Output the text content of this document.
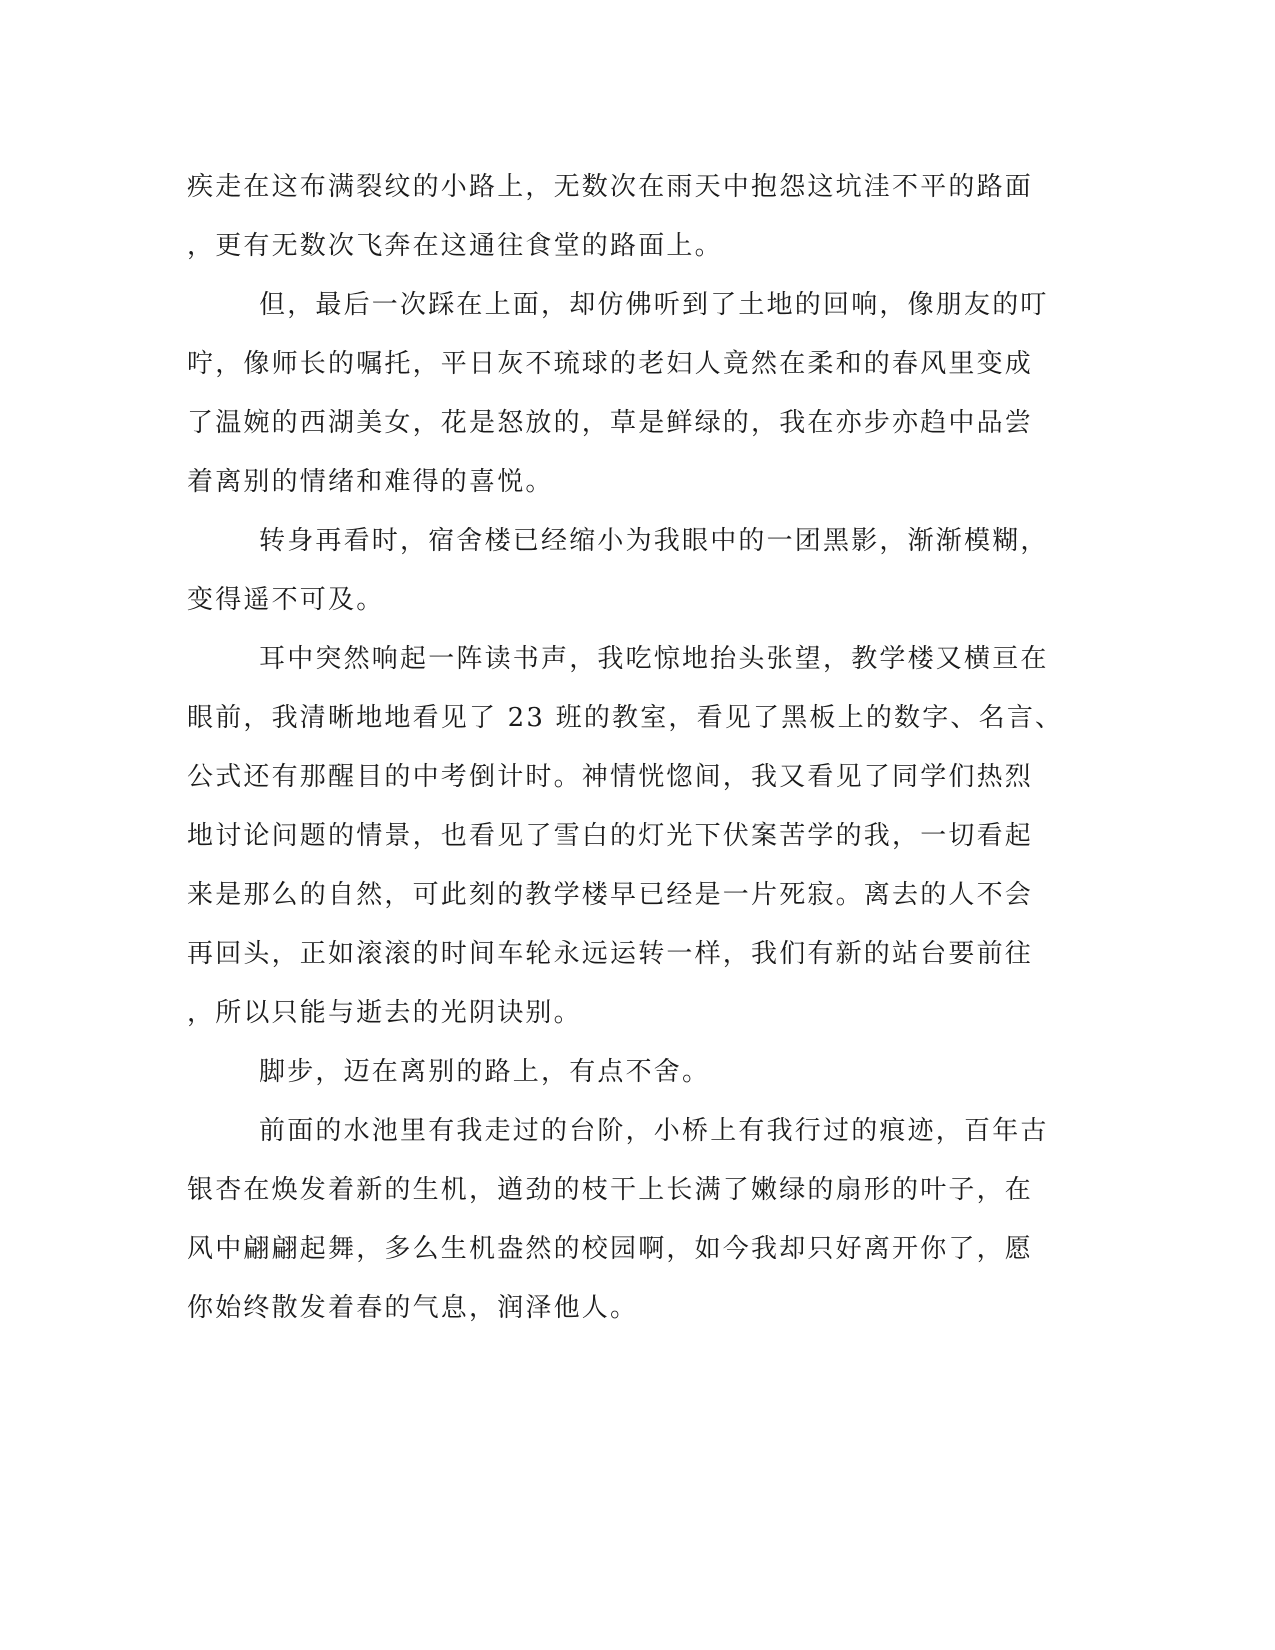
疾走在这布满裂纹的小路上，无数次在雨天中抱怨这坑洼不平的路面
，更有无数次飞奔在这通往食堂的路面上。
但，最后一次踩在上面，却仿佛听到了土地的回响，像朋友的叮
咛，像师长的嘱托，平日灰不琉球的老妇人竟然在柔和的春风里变成
了温婉的西湖美女，花是怒放的，草是鲜绿的，我在亦步亦趋中品尝
着离别的情绪和难得的喜悦。
转身再看时，宿舍楼已经缩小为我眼中的一团黑影，渐渐模糊，
变得遥不可及。
耳中突然响起一阵读书声，我吃惊地抬头张望，教学楼又横亘在
眼前，我清晰地地看见了 23 班的教室，看见了黑板上的数字、名言、
公式还有那醒目的中考倒计时。神情恍惚间，我又看见了同学们热烈
地讨论问题的情景，也看见了雪白的灯光下伏案苦学的我，一切看起
来是那么的自然，可此刻的教学楼早已经是一片死寂。离去的人不会
再回头，正如滚滚的时间车轮永远运转一样，我们有新的站台要前往
，所以只能与逝去的光阴诀别。
脚步，迈在离别的路上，有点不舍。
前面的水池里有我走过的台阶，小桥上有我行过的痕迹，百年古
银杏在焕发着新的生机，遒劲的枝干上长满了嫩绿的扇形的叶子，在
风中翩翩起舞，多么生机盎然的校园啊，如今我却只好离开你了，愿
你始终散发着春的气息，润泽他人。
